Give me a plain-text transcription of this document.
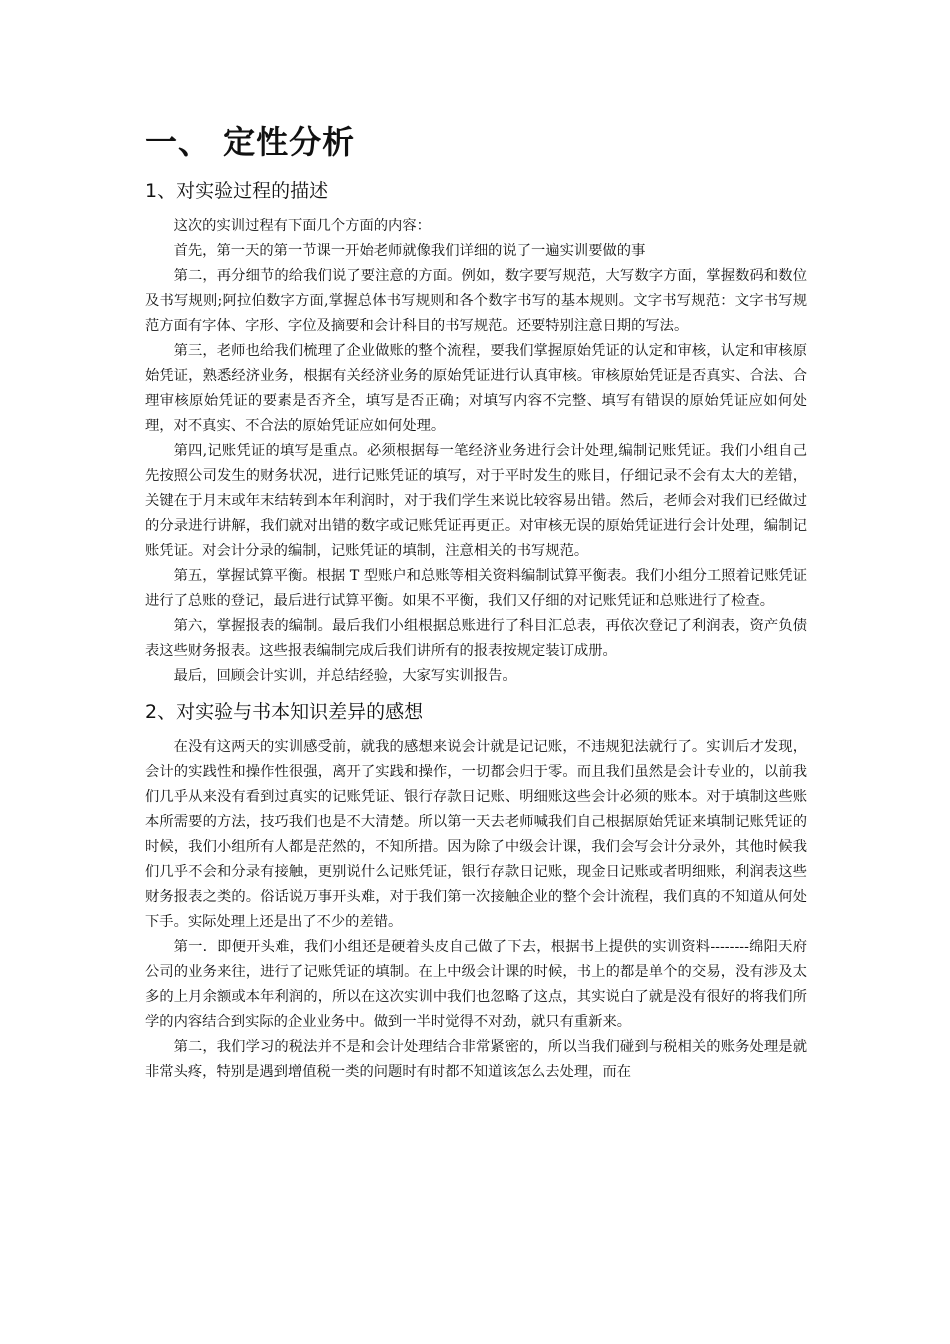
一、 定性分析
1、对实验过程的描述

这次的实训过程有下面几个方面的内容：

首先，第一天的第一节课一开始老师就像我们详细的说了一遍实训要做的事

第二，再分细节的给我们说了要注意的方面。例如，数字要写规范，大写数字方面，掌握数码和数位及书写规则;阿拉伯数字方面,掌握总体书写规则和各个数字书写的基本规则。文字书写规范：文字书写规范方面有字体、字形、字位及摘要和会计科目的书写规范。还要特别注意日期的写法。

第三，老师也给我们梳理了企业做账的整个流程，要我们掌握原始凭证的认定和审核，认定和审核原始凭证，熟悉经济业务，根据有关经济业务的原始凭证进行认真审核。审核原始凭证是否真实、合法、合理审核原始凭证的要素是否齐全，填写是否正确；对填写内容不完整、填写有错误的原始凭证应如何处理，对不真实、不合法的原始凭证应如何处理。

第四,记账凭证的填写是重点。必须根据每一笔经济业务进行会计处理,编制记账凭证。我们小组自己先按照公司发生的财务状况，进行记账凭证的填写，对于平时发生的账目，仔细记录不会有太大的差错，关键在于月末或年末结转到本年利润时，对于我们学生来说比较容易出错。然后，老师会对我们已经做过的分录进行讲解，我们就对出错的数字或记账凭证再更正。对审核无误的原始凭证进行会计处理，编制记账凭证。对会计分录的编制，记账凭证的填制，注意相关的书写规范。

第五，掌握试算平衡。根据 T 型账户和总账等相关资料编制试算平衡表。我们小组分工照着记账凭证进行了总账的登记，最后进行试算平衡。如果不平衡，我们又仔细的对记账凭证和总账进行了检查。

第六，掌握报表的编制。最后我们小组根据总账进行了科目汇总表，再依次登记了利润表，资产负债表这些财务报表。这些报表编制完成后我们讲所有的报表按规定装订成册。

最后，回顾会计实训，并总结经验，大家写实训报告。

2、对实验与书本知识差异的感想

在没有这两天的实训感受前，就我的感想来说会计就是记记账，不违规犯法就行了。实训后才发现，会计的实践性和操作性很强，离开了实践和操作，一切都会归于零。而且我们虽然是会计专业的，以前我们几乎从来没有看到过真实的记账凭证、银行存款日记账、明细账这些会计必须的账本。对于填制这些账本所需要的方法，技巧我们也是不大清楚。所以第一天去老师喊我们自己根据原始凭证来填制记账凭证的时候，我们小组所有人都是茫然的，不知所措。因为除了中级会计课，我们会写会计分录外，其他时候我们几乎不会和分录有接触，更别说什么记账凭证，银行存款日记账，现金日记账或者明细账，利润表这些财务报表之类的。俗话说万事开头难，对于我们第一次接触企业的整个会计流程，我们真的不知道从何处下手。实际处理上还是出了不少的差错。

第一．即便开头难，我们小组还是硬着头皮自己做了下去，根据书上提供的实训资料--------绵阳天府公司的业务来往，进行了记账凭证的填制。在上中级会计课的时候，书上的都是单个的交易，没有涉及太多的上月余额或本年利润的，所以在这次实训中我们也忽略了这点，其实说白了就是没有很好的将我们所学的内容结合到实际的企业业务中。做到一半时觉得不对劲，就只有重新来。

第二，我们学习的税法并不是和会计处理结合非常紧密的，所以当我们碰到与税相关的账务处理是就非常头疼，特别是遇到增值税一类的问题时有时都不知道该怎么去处理，而在
